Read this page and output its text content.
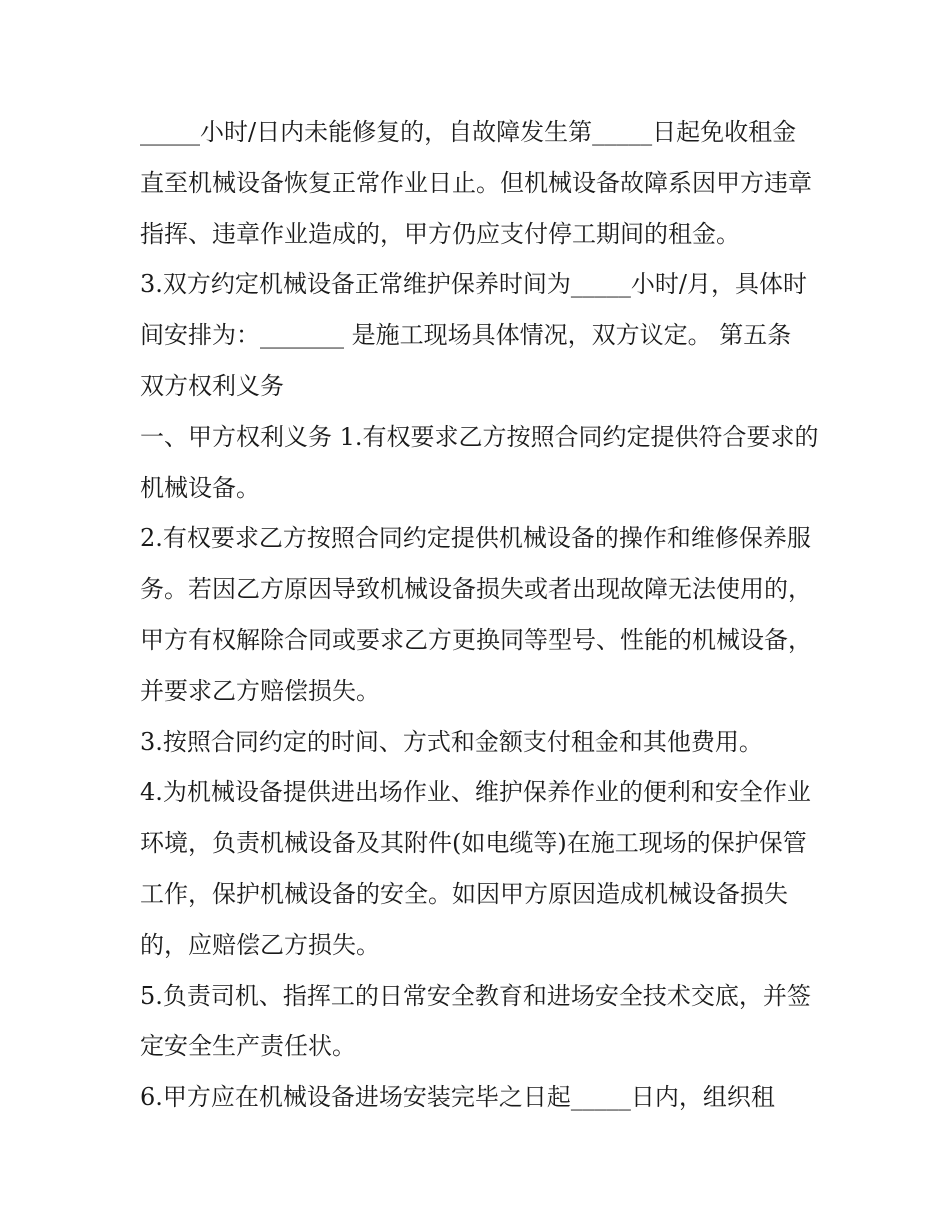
_____小时/日内未能修复的，自故障发生第_____日起免收租金直至机械设备恢复正常作业日止。但机械设备故障系因甲方违章指挥、违章作业造成的，甲方仍应支付停工期间的租金。

3.双方约定机械设备正常维护保养时间为_____小时/月，具体时间安排为：_______ 是施工现场具体情况，双方议定。 第五条 双方权利义务

一、甲方权利义务 1.有权要求乙方按照合同约定提供符合要求的机械设备。

2.有权要求乙方按照合同约定提供机械设备的操作和维修保养服务。若因乙方原因导致机械设备损失或者出现故障无法使用的，甲方有权解除合同或要求乙方更换同等型号、性能的机械设备，并要求乙方赔偿损失。

3.按照合同约定的时间、方式和金额支付租金和其他费用。

4.为机械设备提供进出场作业、维护保养作业的便利和安全作业环境，负责机械设备及其附件(如电缆等)在施工现场的保护保管工作，保护机械设备的安全。如因甲方原因造成机械设备损失的，应赔偿乙方损失。

5.负责司机、指挥工的日常安全教育和进场安全技术交底，并签定安全生产责任状。

6.甲方应在机械设备进场安装完毕之日起_____日内，组织租
